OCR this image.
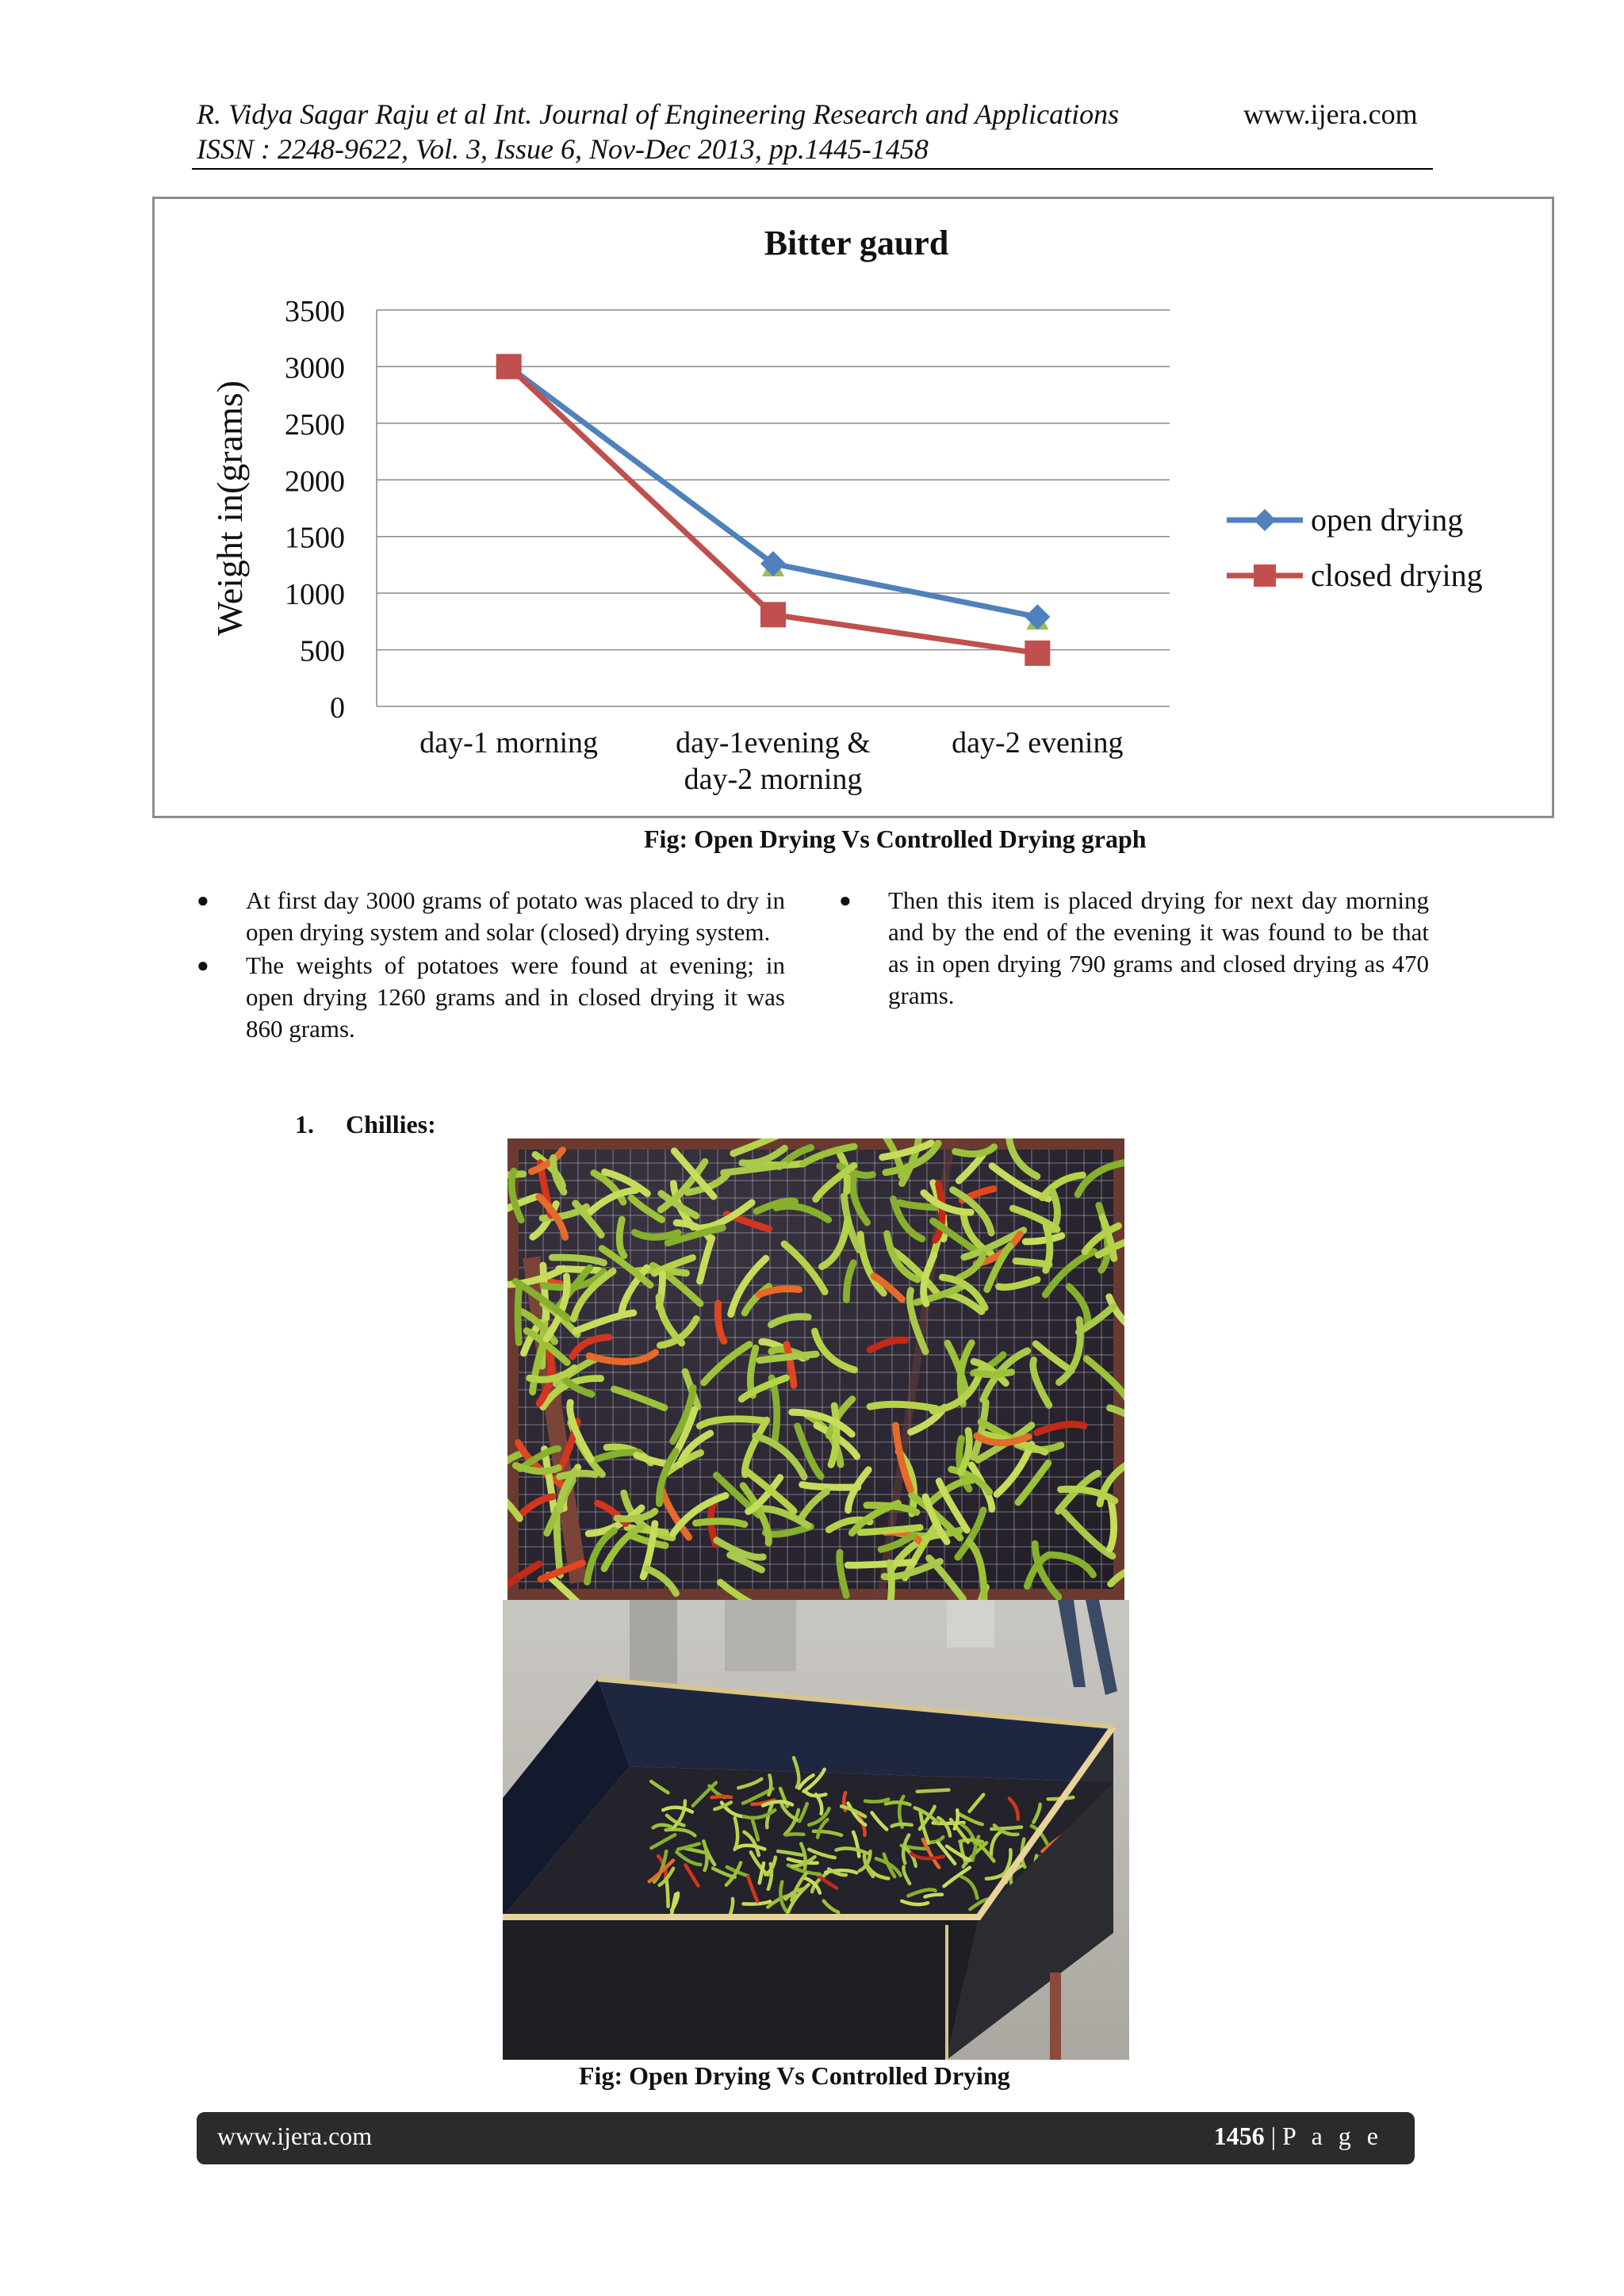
R. Vidya Sagar Raju et al Int. Journal of Engineering Research and Applications	www.ijera.com
ISSN : 2248-9622, Vol. 3, Issue 6, Nov-Dec 2013, pp.1445-1458
Bitter gaurd
0
500
1000
1500
2000
2500
3000
3500
Weight in(grams)
day-1 morning	day-1evening &
day-2 morning
day-2 evening
open drying
closed drying
Fig: Open Drying Vs Controlled Drying graph
● At first day 3000 grams of potato was placed to dry in open drying system and solar (closed) drying system.
● The weights of potatoes were found at evening; in open drying 1260 grams and in closed drying it was 860 grams.
● Then this item is placed drying for next day morning and by the end of the evening it was found to be that as in open drying 790 grams and closed drying as 470 grams.
1. Chillies:
Fig: Open Drying Vs Controlled Drying
www.ijera.com	1456 | P a g e
